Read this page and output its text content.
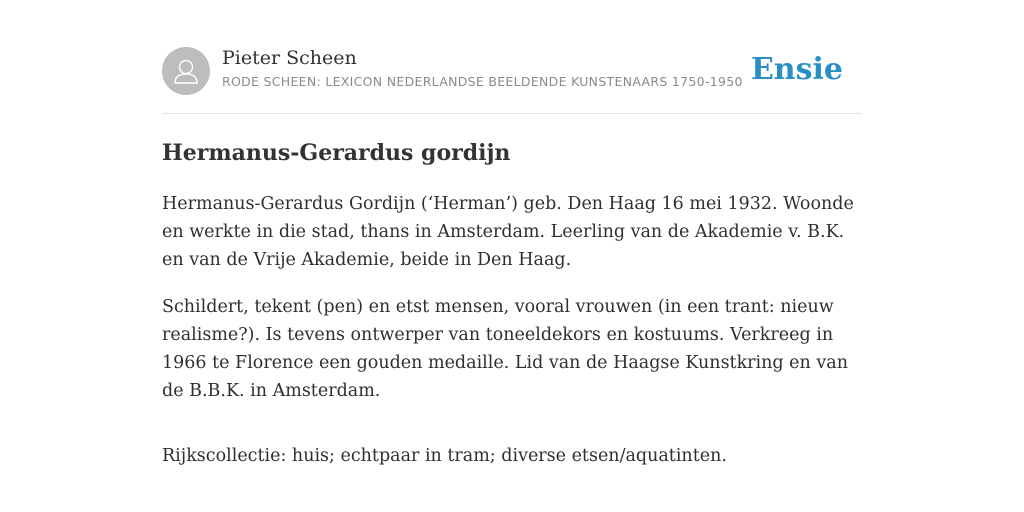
Pieter Scheen
RODE SCHEEN: LEXICON NEDERLANDSE BEELDENDE KUNSTENAARS 1750-1950 Ensie
Hermanus-Gerardus gordijn

Hermanus-Gerardus Gordijn (‘Herman’) geb. Den Haag 16 mei 1932. Woonde en werkte in die stad, thans in Amsterdam. Leerling van de Akademie v. B.K. en van de Vrije Akademie, beide in Den Haag.

Schildert, tekent (pen) en etst mensen, vooral vrouwen (in een trant: nieuw realisme?). Is tevens ontwerper van toneeldekors en kostuums. Verkreeg in 1966 te Florence een gouden medaille. Lid van de Haagse Kunstkring en van de B.B.K. in Amsterdam.

Rijkscollectie: huis; echtpaar in tram; diverse etsen/aquatinten.
